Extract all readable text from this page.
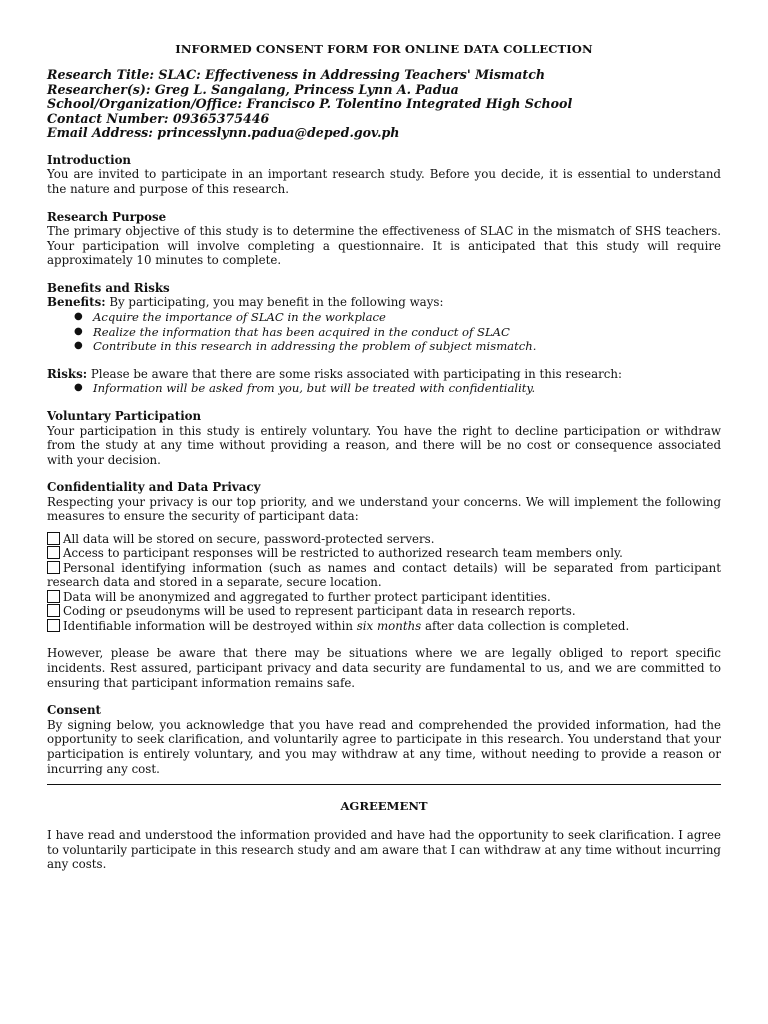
INFORMED CONSENT FORM FOR ONLINE DATA COLLECTION
Research Title: SLAC: Effectiveness in Addressing Teachers' Mismatch
Researcher(s): Greg L. Sangalang, Princess Lynn A. Padua
School/Organization/Office: Francisco P. Tolentino Integrated High School
Contact Number: 09365375446
Email Address: princesslynn.padua@deped.gov.ph
Introduction

You are invited to participate in an important research study. Before you decide, it is essential to understand the nature and purpose of this research.

Research Purpose

The primary objective of this study is to determine the effectiveness of SLAC in the mismatch of SHS teachers. Your participation will involve completing a questionnaire. It is anticipated that this study will require approximately 10 minutes to complete.

Benefits and Risks

Benefits: By participating, you may benefit in the following ways:

● Acquire the importance of SLAC in the workplace
● Realize the information that has been acquired in the conduct of SLAC
● Contribute in this research in addressing the problem of subject mismatch.

Risks: Please be aware that there are some risks associated with participating in this research:

● Information will be asked from you, but will be treated with confidentiality.
Voluntary Participation

Your participation in this study is entirely voluntary. You have the right to decline participation or withdraw from the study at any time without providing a reason, and there will be no cost or consequence associated with your decision.

Confidentiality and Data Privacy

Respecting your privacy is our top priority, and we understand your concerns. We will implement the following measures to ensure the security of participant data:

All data will be stored on secure, password-protected servers.
Access to participant responses will be restricted to authorized research team members only.
Personal identifying information (such as names and contact details) will be separated from participant research data and stored in a separate, secure location.
Data will be anonymized and aggregated to further protect participant identities.
Coding or pseudonyms will be used to represent participant data in research reports.
Identifiable information will be destroyed within six months after data collection is completed.

However, please be aware that there may be situations where we are legally obliged to report specific incidents. Rest assured, participant privacy and data security are fundamental to us, and we are committed to ensuring that participant information remains safe.

Consent

By signing below, you acknowledge that you have read and comprehended the provided information, had the opportunity to seek clarification, and voluntarily agree to participate in this research. You understand that your participation is entirely voluntary, and you may withdraw at any time, without needing to provide a reason or incurring any cost.

AGREEMENT

I have read and understood the information provided and have had the opportunity to seek clarification. I agree to voluntarily participate in this research study and am aware that I can withdraw at any time without incurring any costs.
